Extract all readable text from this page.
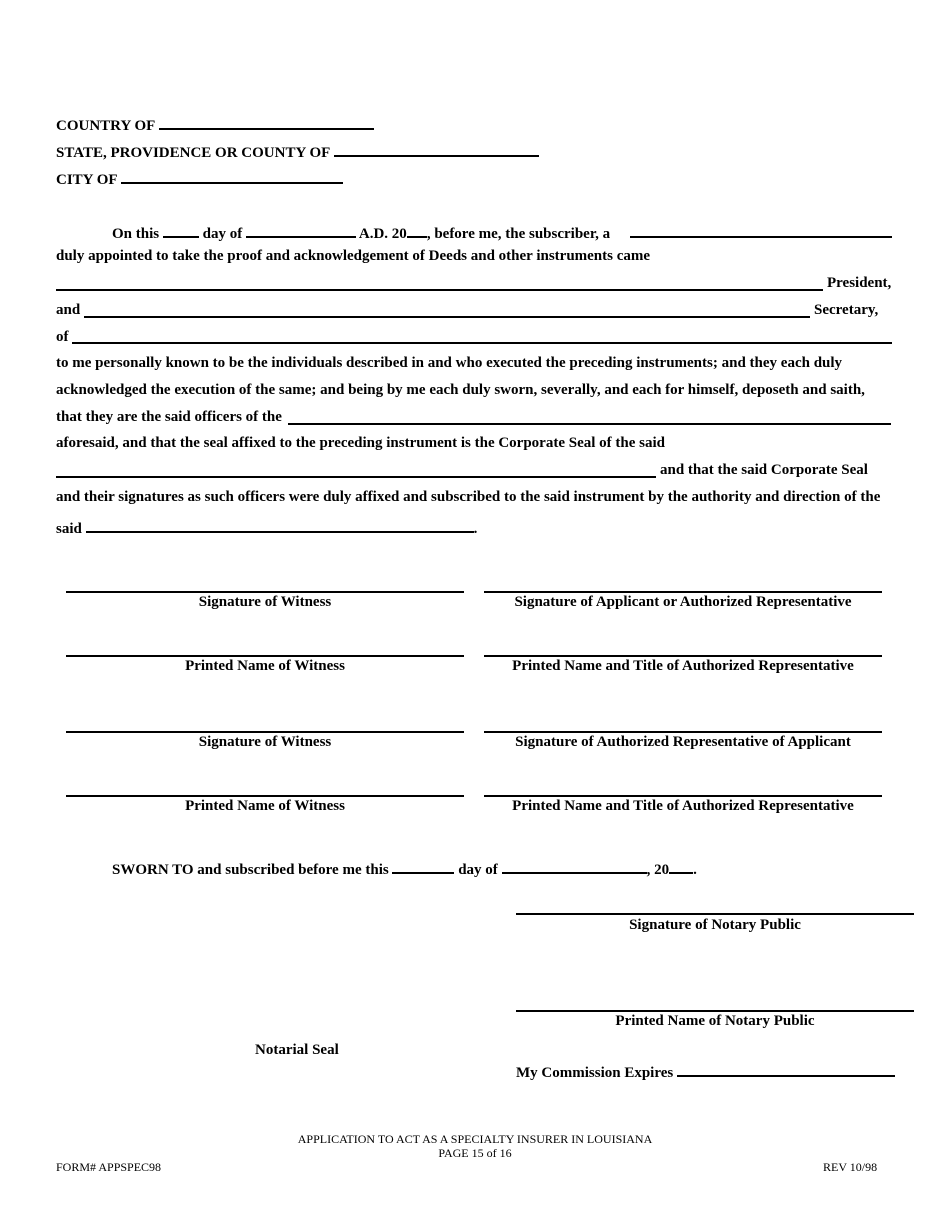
COUNTRY OF
STATE, PROVIDENCE OR COUNTY OF
CITY OF
On this	day of	A.D. 20 , before me, the subscriber, a
duly appointed to take the proof and acknowledgement of Deeds and other instruments came
President,
and	Secretary,
of
to me personally known to be the individuals described in and who executed the preceding instruments; and they each duly
acknowledged the execution of the same; and being by me each duly sworn, severally, and each for himself, deposeth and saith,
that they are the said officers of the
aforesaid, and that the seal affixed to the preceding instrument is the Corporate Seal of the said
and that the said Corporate Seal
and their signatures as such officers were duly affixed and subscribed to the said instrument by the authority and direction of the
said	.
Signature of Witness	Signature of Applicant or Authorized Representative
Printed Name of Witness	Printed Name and Title of Authorized Representative
Signature of Witness	Signature of Authorized Representative of Applicant
Printed Name of Witness	Printed Name and Title of Authorized Representative
SWORN TO and subscribed before me this	day of	, 20 .
Signature of Notary Public
Printed Name of Notary Public
Notarial Seal
My Commission Expires
APPLICATION TO ACT AS A SPECIALTY INSURER IN LOUISIANA
PAGE 15 of 16
FORM# APPSPEC98	REV 10/98
